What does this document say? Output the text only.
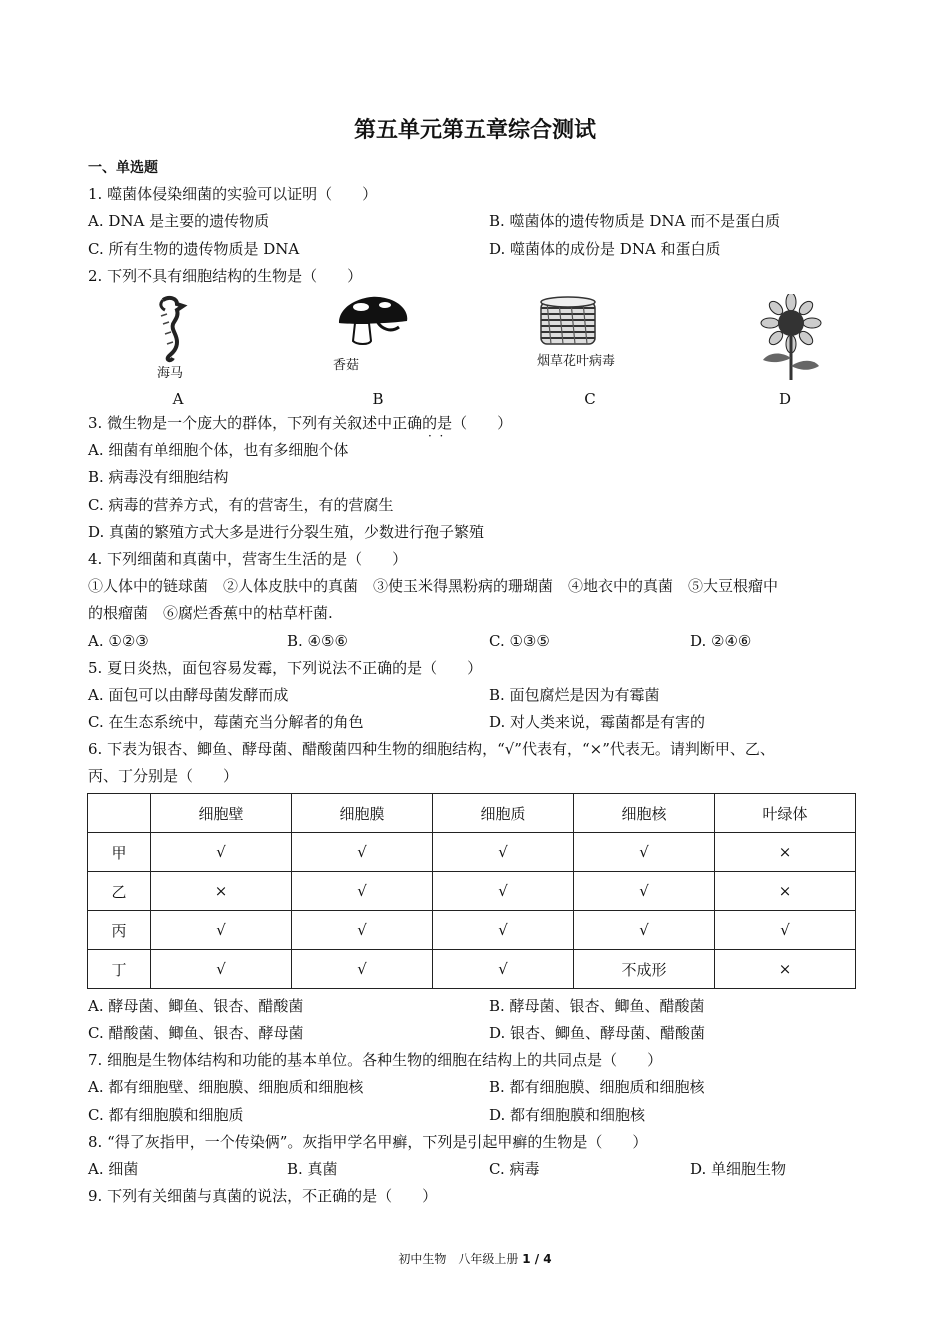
第五单元第五章综合测试
一、单选题
1. 噬菌体侵染细菌的实验可以证明（　　）
A. DNA 是主要的遗传物质	B. 噬菌体的遗传物质是 DNA 而不是蛋白质
C. 所有生物的遗传物质是 DNA	D. 噬菌体的成份是 DNA 和蛋白质
2. 下列不具有细胞结构的生物是（　　）
海马
香菇	烟草花叶病毒
A	B	C	D
3. 微生物是一个庞大的群体，下列有关叙述中正确的是（　　）
·  ·
A. 细菌有单细胞个体，也有多细胞个体
B. 病毒没有细胞结构
C. 病毒的营养方式，有的营寄生，有的营腐生
D. 真菌的繁殖方式大多是进行分裂生殖，少数进行孢子繁殖
4. 下列细菌和真菌中，营寄生生活的是（　　）
①人体中的链球菌　②人体皮肤中的真菌　③使玉米得黑粉病的珊瑚菌　④地衣中的真菌　⑤大豆根瘤中
的根瘤菌　⑥腐烂香蕉中的枯草杆菌.
A. ①②③	B. ④⑤⑥	C. ①③⑤	D. ②④⑥
5. 夏日炎热，面包容易发霉，下列说法不正确的是（　　）
A. 面包可以由酵母菌发酵而成	B. 面包腐烂是因为有霉菌
C. 在生态系统中，莓菌充当分解者的角色	D. 对人类来说，霉菌都是有害的
6. 下表为银杏、鲫鱼、酵母菌、醋酸菌四种生物的细胞结构，“√”代表有，“×”代表无。请判断甲、乙、
丙、丁分别是（　　）
	细胞壁	细胞膜	细胞质	细胞核	叶绿体
甲	√	√	√	√	×
乙	×	√	√	√	×
丙	√	√	√	√	√
丁	√	√	√	不成形	×
A. 酵母菌、鲫鱼、银杏、醋酸菌	B. 酵母菌、银杏、鲫鱼、醋酸菌
C. 醋酸菌、鲫鱼、银杏、酵母菌	D. 银杏、鲫鱼、酵母菌、醋酸菌
7. 细胞是生物体结构和功能的基本单位。各种生物的细胞在结构上的共同点是（　　）
A. 都有细胞壁、细胞膜、细胞质和细胞核	B. 都有细胞膜、细胞质和细胞核
C. 都有细胞膜和细胞质	D. 都有细胞膜和细胞核
8. “得了灰指甲，一个传染俩”。灰指甲学名甲癣，下列是引起甲癣的生物是（　　）
A. 细菌	B. 真菌	C. 病毒	D. 单细胞生物
9. 下列有关细菌与真菌的说法，不正确的是（　　）
初中生物　八年级上册 1 / 4
